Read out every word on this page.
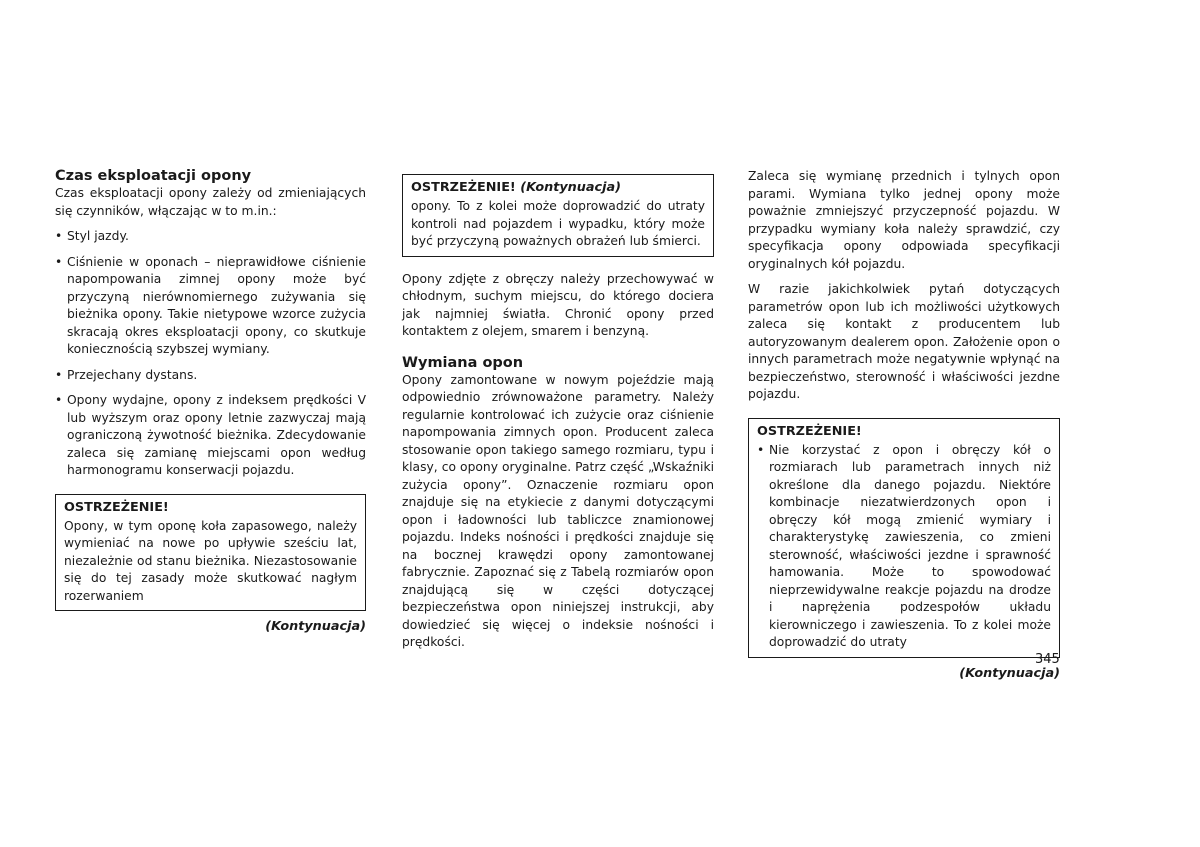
Czas eksploatacji opony

Czas eksploatacji opony zależy od zmieniających się czynników, włączając w to m.in.:

• Styl jazdy.
• Ciśnienie w oponach – nieprawidłowe ciśnienie napompowania zimnej opony może być przyczyną nierównomiernego zużywania się bieżnika opony. Takie nietypowe wzorce zużycia skracają okres eksploatacji opony, co skutkuje koniecznością szybszej wymiany.
• Przejechany dystans.
• Opony wydajne, opony z indeksem prędkości V lub wyższym oraz opony letnie zazwyczaj mają ograniczoną żywotność bieżnika. Zdecydowanie zaleca się zamianę miejscami opon według harmonogramu konserwacji pojazdu.
OSTRZEŻENIE!

Opony, w tym oponę koła zapasowego, należy wymieniać na nowe po upływie sześciu lat, niezależnie od stanu bieżnika. Niezastosowanie się do tej zasady może skutkować nagłym rozerwaniem

(Kontynuacja)
OSTRZEŻENIE! (Kontynuacja)

opony. To z kolei może doprowadzić do utraty kontroli nad pojazdem i wypadku, który może być przyczyną poważnych obrażeń lub śmierci.

Opony zdjęte z obręczy należy przechowywać w chłodnym, suchym miejscu, do którego dociera jak najmniej światła. Chronić opony przed kontaktem z olejem, smarem i benzyną.

Wymiana opon

Opony zamontowane w nowym pojeździe mają odpowiednio zrównoważone parametry. Należy regularnie kontrolować ich zużycie oraz ciśnienie napompowania zimnych opon. Producent zaleca stosowanie opon takiego samego rozmiaru, typu i klasy, co opony oryginalne. Patrz część „Wskaźniki zużycia opony”. Oznaczenie rozmiaru opon znajduje się na etykiecie z danymi dotyczącymi opon i ładowności lub tabliczce znamionowej pojazdu. Indeks nośności i prędkości znajduje się na bocznej krawędzi opony zamontowanej fabrycznie. Zapoznać się z Tabelą rozmiarów opon znajdującą się w części dotyczącej bezpieczeństwa opon niniejszej instrukcji, aby dowiedzieć się więcej o indeksie nośności i prędkości.

Zaleca się wymianę przednich i tylnych opon parami. Wymiana tylko jednej opony może poważnie zmniejszyć przyczepność pojazdu. W przypadku wymiany koła należy sprawdzić, czy specyfikacja opony odpowiada specyfikacji oryginalnych kół pojazdu.

W razie jakichkolwiek pytań dotyczących parametrów opon lub ich możliwości użytkowych zaleca się kontakt z producentem lub autoryzowanym dealerem opon. Założenie opon o innych parametrach może negatywnie wpłynąć na bezpieczeństwo, sterowność i właściwości jezdne pojazdu.

OSTRZEŻENIE!
• Nie korzystać z opon i obręczy kół o rozmiarach lub parametrach innych niż określone dla danego pojazdu. Niektóre kombinacje niezatwierdzonych opon i obręczy kół mogą zmienić wymiary i charakterystykę zawieszenia, co zmieni sterowność, właściwości jezdne i sprawność hamowania. Może to spowodować nieprzewidywalne reakcje pojazdu na drodze i naprężenia podzespołów układu kierowniczego i zawieszenia. To z kolei może doprowadzić do utraty
(Kontynuacja)
345
